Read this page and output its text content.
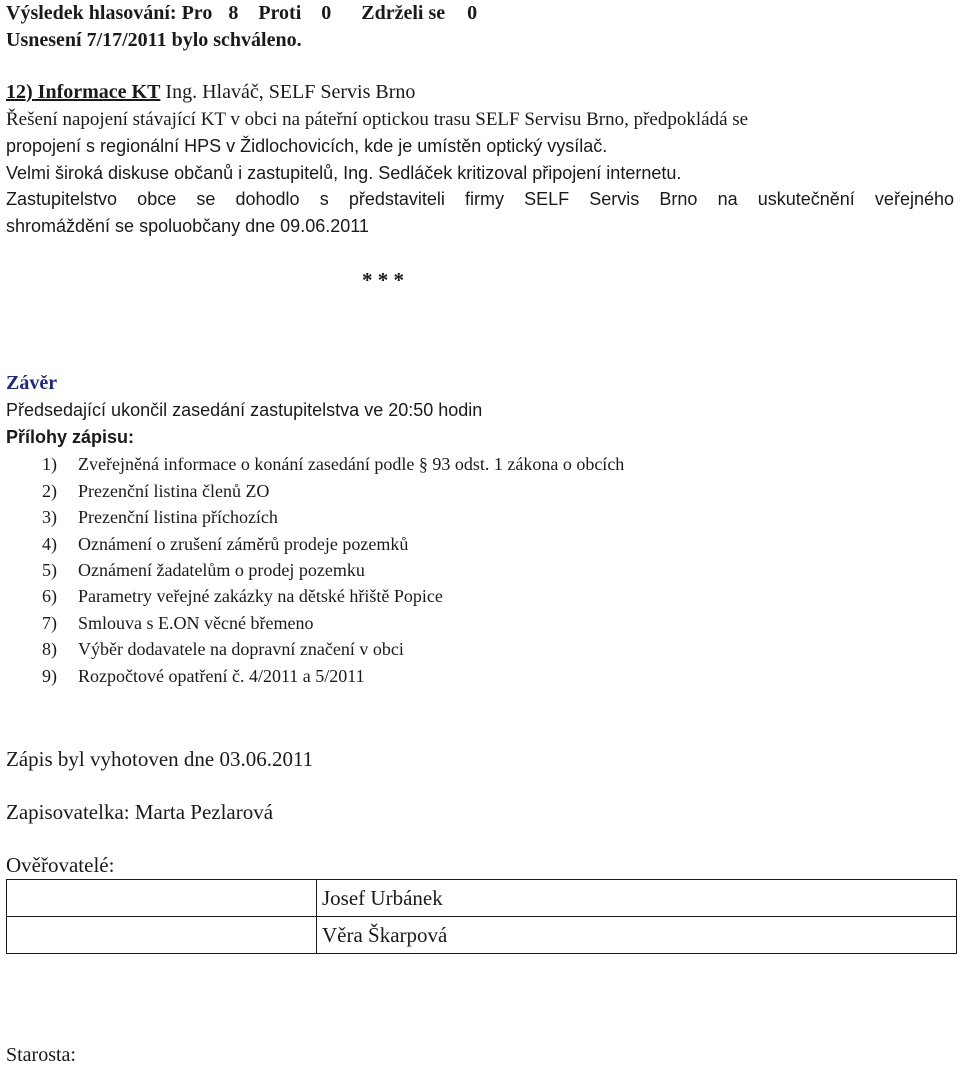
Výsledek hlasování: Pro 8 Proti 0 Zdrželi se 0
Usnesení 7/17/2011 bylo schváleno.
12) Informace KT Ing. Hlaváč, SELF Servis Brno
Řešení napojení stávající KT v obci na páteřní optickou trasu SELF Servisu Brno, předpokládá se
propojení s regionální HPS v Židlochovicích, kde je umístěn optický vysílač.
Velmi široká diskuse občanů i zastupitelů, Ing. Sedláček kritizoval připojení internetu.
Zastupitelstvo obce se dohodlo s představiteli firmy SELF Servis Brno na uskutečnění veřejného
shromáždění se spoluobčany dne 09.06.2011
* * *
Závěr
Předsedající ukončil zasedání zastupitelstva ve 20:50 hodin
Přílohy zápisu:
1) Zveřejněná informace o konání zasedání podle § 93 odst. 1 zákona o obcích
2) Prezenční listina členů ZO
3) Prezenční listina příchozích
4) Oznámení o zrušení záměrů prodeje pozemků
5) Oznámení žadatelům o prodej pozemku
6) Parametry veřejné zakázky na dětské hřiště Popice
7) Smlouva s E.ON věcné břemeno
8) Výběr dodavatele na dopravní značení v obci
9) Rozpočtové opatření č. 4/2011 a 5/2011
Zápis byl vyhotoven dne 03.06.2011
Zapisovatelka: Marta Pezlarová
Ověřovatelé:
	Josef Urbánek
	Věra Škarpová
Starosta:
